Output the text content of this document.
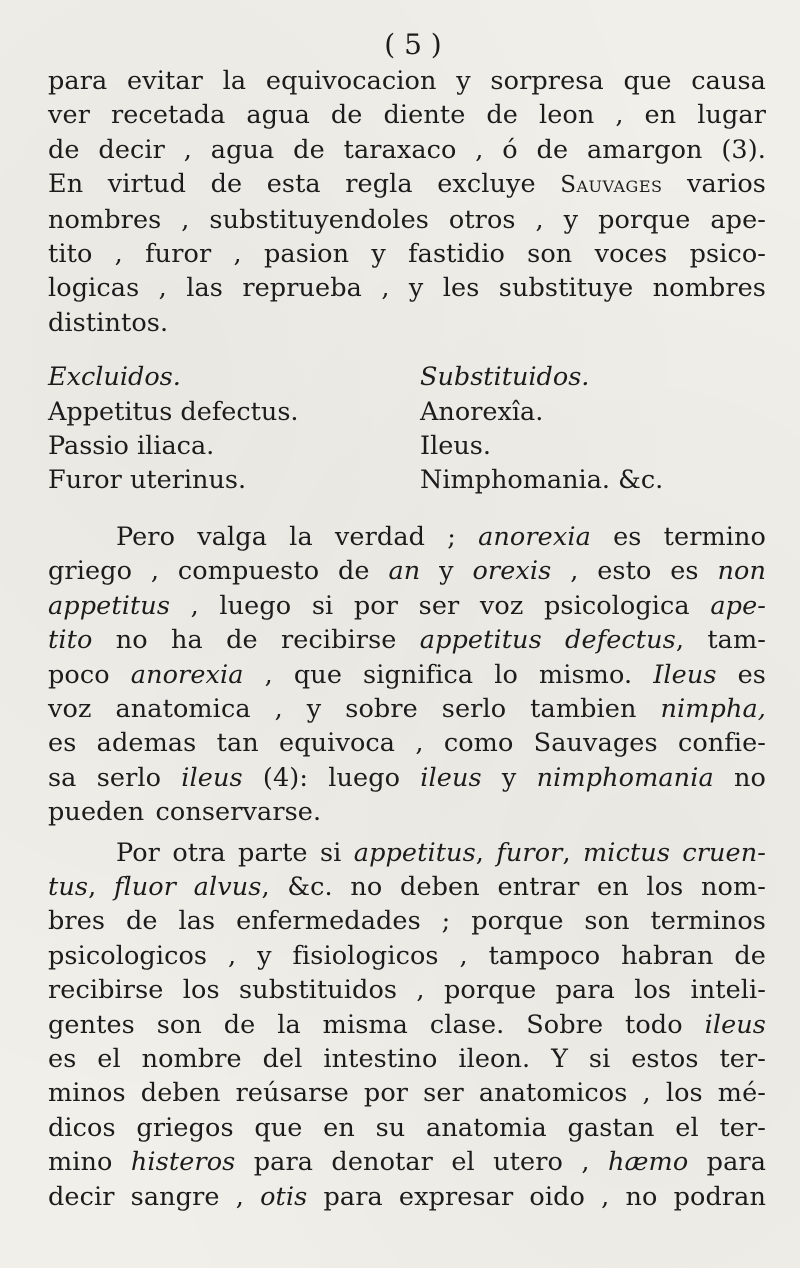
( 5 )
para evitar la equivocacion y sorpresa que causa
ver recetada agua de diente de leon , en lugar
de decir , agua de taraxaco , ó de amargon (3).
En virtud de esta regla excluye Sauvages varios
nombres , substituyendoles otros , y porque ape-
tito , furor , pasion y fastidio son voces psico-
logicas , las reprueba , y les substituye nombres
distintos.
Excluidos.	Substituidos.
Appetitus defectus.	Anorexîa.
Passio iliaca.	Ileus.
Furor uterinus.	Nimphomania. &c.
Pero valga la verdad ; anorexia es termino
griego , compuesto de an y orexis , esto es non
appetitus , luego si por ser voz psicologica ape-
tito no ha de recibirse appetitus defectus, tam-
poco anorexia , que significa lo mismo. Ileus es
voz anatomica , y sobre serlo tambien nimpha,
es ademas tan equivoca , como Sauvages confie-
sa serlo ileus (4): luego ileus y nimphomania no
pueden conservarse.
Por otra parte si appetitus, furor, mictus cruen-
tus, fluor alvus, &c. no deben entrar en los nom-
bres de las enfermedades ; porque son terminos
psicologicos , y fisiologicos , tampoco habran de
recibirse los substituidos , porque para los inteli-
gentes son de la misma clase. Sobre todo ileus
es el nombre del intestino ileon. Y si estos ter-
minos deben reúsarse por ser anatomicos , los mé-
dicos griegos que en su anatomia gastan el ter-
mino histeros para denotar el utero , hæmo para
decir sangre , otis para expresar oido , no podran
